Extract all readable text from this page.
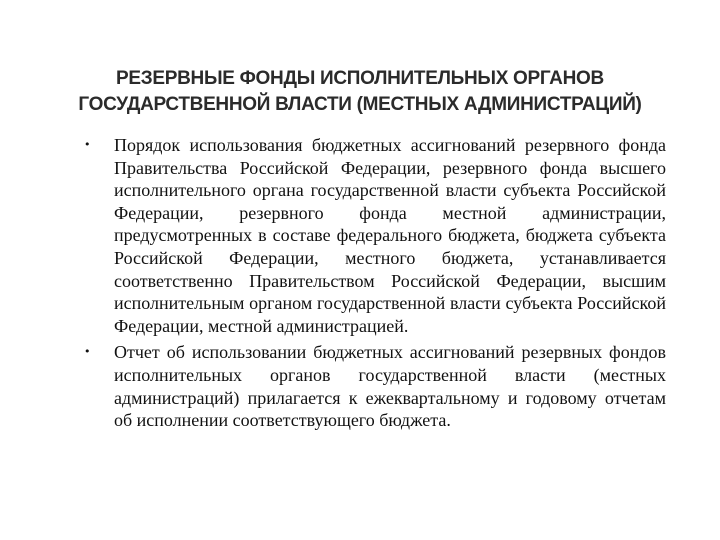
РЕЗЕРВНЫЕ ФОНДЫ ИСПОЛНИТЕЛЬНЫХ ОРГАНОВ
ГОСУДАРСТВЕННОЙ ВЛАСТИ (МЕСТНЫХ АДМИНИСТРАЦИЙ)
• Порядок использования бюджетных ассигнований резервного фонда Правительства Российской Федерации, резервного фонда высшего исполнительного органа государственной власти субъекта Российской Федерации, резервного фонда местной администрации, предусмотренных в составе федерального бюджета, бюджета субъекта Российской Федерации, местного бюджета, устанавливается соответственно Правительством Российской Федерации, высшим исполнительным органом государственной власти субъекта Российской Федерации, местной администрацией.
• Отчет об использовании бюджетных ассигнований резервных фондов исполнительных органов государственной власти (местных администраций) прилагается к ежеквартальному и годовому отчетам об исполнении соответствующего бюджета.
